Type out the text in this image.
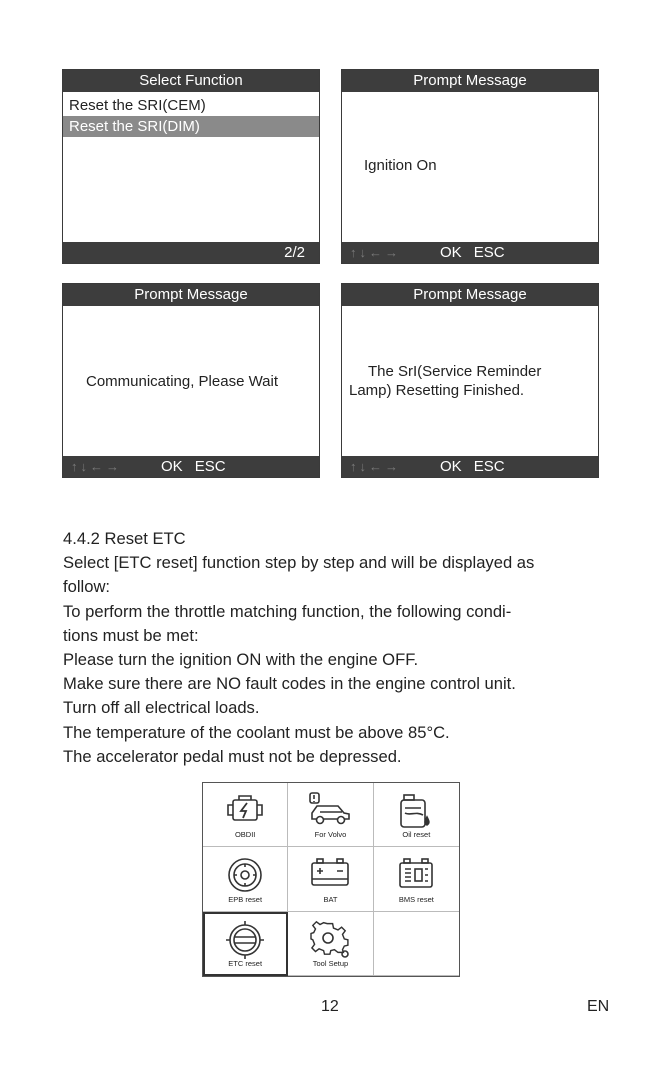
Select Function
Reset the SRI(CEM)
Reset the SRI(DIM)
2/2
Prompt Message
Ignition On
↑↓←→	OK ESC
Prompt Message
Communicating, Please Wait
↑↓←→	OK ESC
Prompt Message
The SrI(Service Reminder
Lamp) Resetting Finished.
↑↓←→	OK ESC
4.4.2 Reset ETC
Select [ETC reset] function step by step and will be displayed as
follow:
To perform the throttle matching function, the following condi-
tions must be met:
Please turn the ignition ON with the engine OFF.
Make sure there are NO fault codes in the engine control unit.
Turn off all electrical loads.
The temperature of the coolant must be above 85°C.
The accelerator pedal must not be depressed.
OBDII	For Volvo	Oil reset
EPB reset	BAT	BMS reset
ETC reset	Tool Setup
12	EN
